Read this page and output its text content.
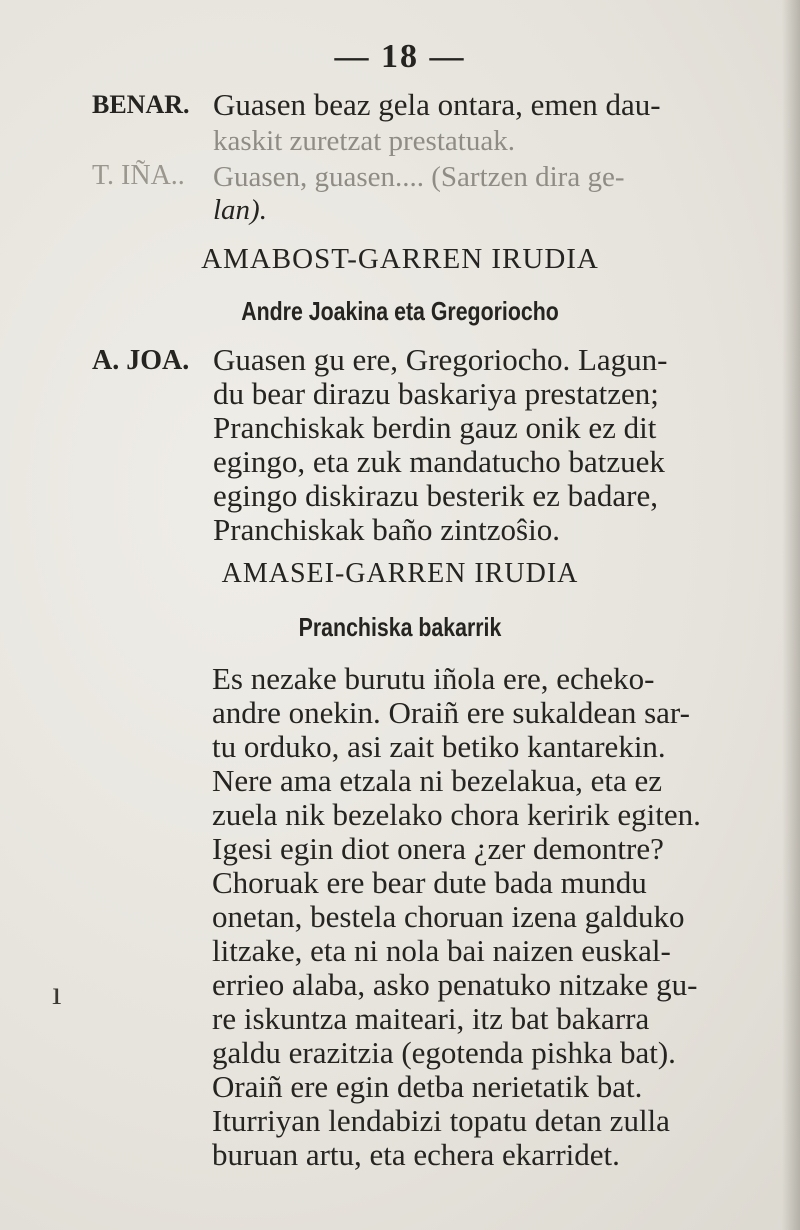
— 18 —
BENAR. Guasen beaz gela ontara, emen dau-
kaskit zuretzat prestatuak.
T. IÑA.. Guasen, guasen.... (Sartzen dira ge-
lan).
AMABOST-GARREN IRUDIA
Andre Joakina eta Gregoriocho
A. JOA. Guasen gu ere, Gregoriocho. Lagun-
du bear dirazu baskariya prestatzen;
Pranchiskak berdin gauz onik ez dit
egingo, eta zuk mandatucho batzuek
egingo diskirazu besterik ez badare,
Pranchiskak baño zintzoŝio.
AMASEI-GARREN IRUDIA
Pranchiska bakarrik
Es nezake burutu iñola ere, echeko-
andre onekin. Oraiñ ere sukaldean sar-
tu orduko, asi zait betiko kantarekin.
Nere ama etzala ni bezelakua, eta ez
zuela nik bezelako chora keririk egiten.
Igesi egin diot onera ¿zer demontre?
Choruak ere bear dute bada mundu
onetan, bestela choruan izena galduko
litzake, eta ni nola bai naizen euskal-
errieo alaba, asko penatuko nitzake gu-
re iskuntza maiteari, itz bat bakarra
galdu erazitzia (egotenda pishka bat).
Oraiñ ere egin detba nerietatik bat.
Iturriyan lendabizi topatu detan zulla
buruan artu, eta echera ekarridet.
ı
